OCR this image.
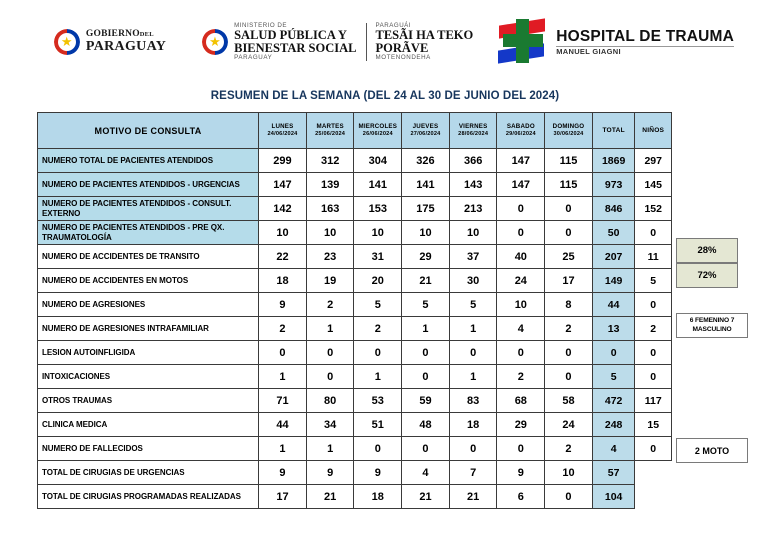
★
GOBIERNODEL
PARAGUAY	★
MINISTERIO DE
SALUD PÚBLICA Y
BIENESTAR SOCIAL
PARAGUAY
PARAGUÁI
TESÃI HA TEKO
PORÃVE
MOTENONDEHA
HOSPITAL DE TRAUMA
MANUEL GIAGNI
RESUMEN DE LA SEMANA (DEL 24 AL 30 DE JUNIO DEL 2024)
MOTIVO DE CONSULTA	LUNES
24/06/2024

MARTES
25/06/2024

MIERCOLES
26/06/2024

JUEVES
27/06/2024

VIERNES
28/06/2024

SABADO
29/06/2024

DOMINGO
30/06/2024	TOTAL	NIÑOS
NUMERO TOTAL DE PACIENTES ATENDIDOS	299	312	304	326	366	147	115	1869	297
NUMERO DE PACIENTES ATENDIDOS - URGENCIAS	147	139	141	141	143	147	115	973	145
NUMERO DE PACIENTES ATENDIDOS - CONSULT. EXTERNO	142	163	153	175	213	0	0	846	152
NUMERO DE PACIENTES ATENDIDOS - PRE QX. TRAUMATOLOGÍA	10	10	10	10	10	0	0	50	0
NUMERO DE ACCIDENTES DE TRANSITO	22	23	31	29	37	40	25	207	11
NUMERO DE ACCIDENTES EN MOTOS	18	19	20	21	30	24	17	149	5
NUMERO DE AGRESIONES	9	2	5	5	5	10	8	44	0
NUMERO DE AGRESIONES INTRAFAMILIAR	2	1	2	1	1	4	2	13	2
LESION AUTOINFLIGIDA	0	0	0	0	0	0	0	0	0
INTOXICACIONES	1	0	1	0	1	2	0	5	0
OTROS TRAUMAS	71	80	53	59	83	68	58	472	117
CLINICA MEDICA	44	34	51	48	18	29	24	248	15
NUMERO DE FALLECIDOS	1	1	0	0	0	0	2	4	0
TOTAL DE CIRUGIAS DE URGENCIAS	9	9	9	4	7	9	10	57	
TOTAL DE CIRUGIAS PROGRAMADAS REALIZADAS	17	21	18	21	21	6	0	104	
28%
72%
6 FEMENINO 7 MASCULINO
2 MOTO
